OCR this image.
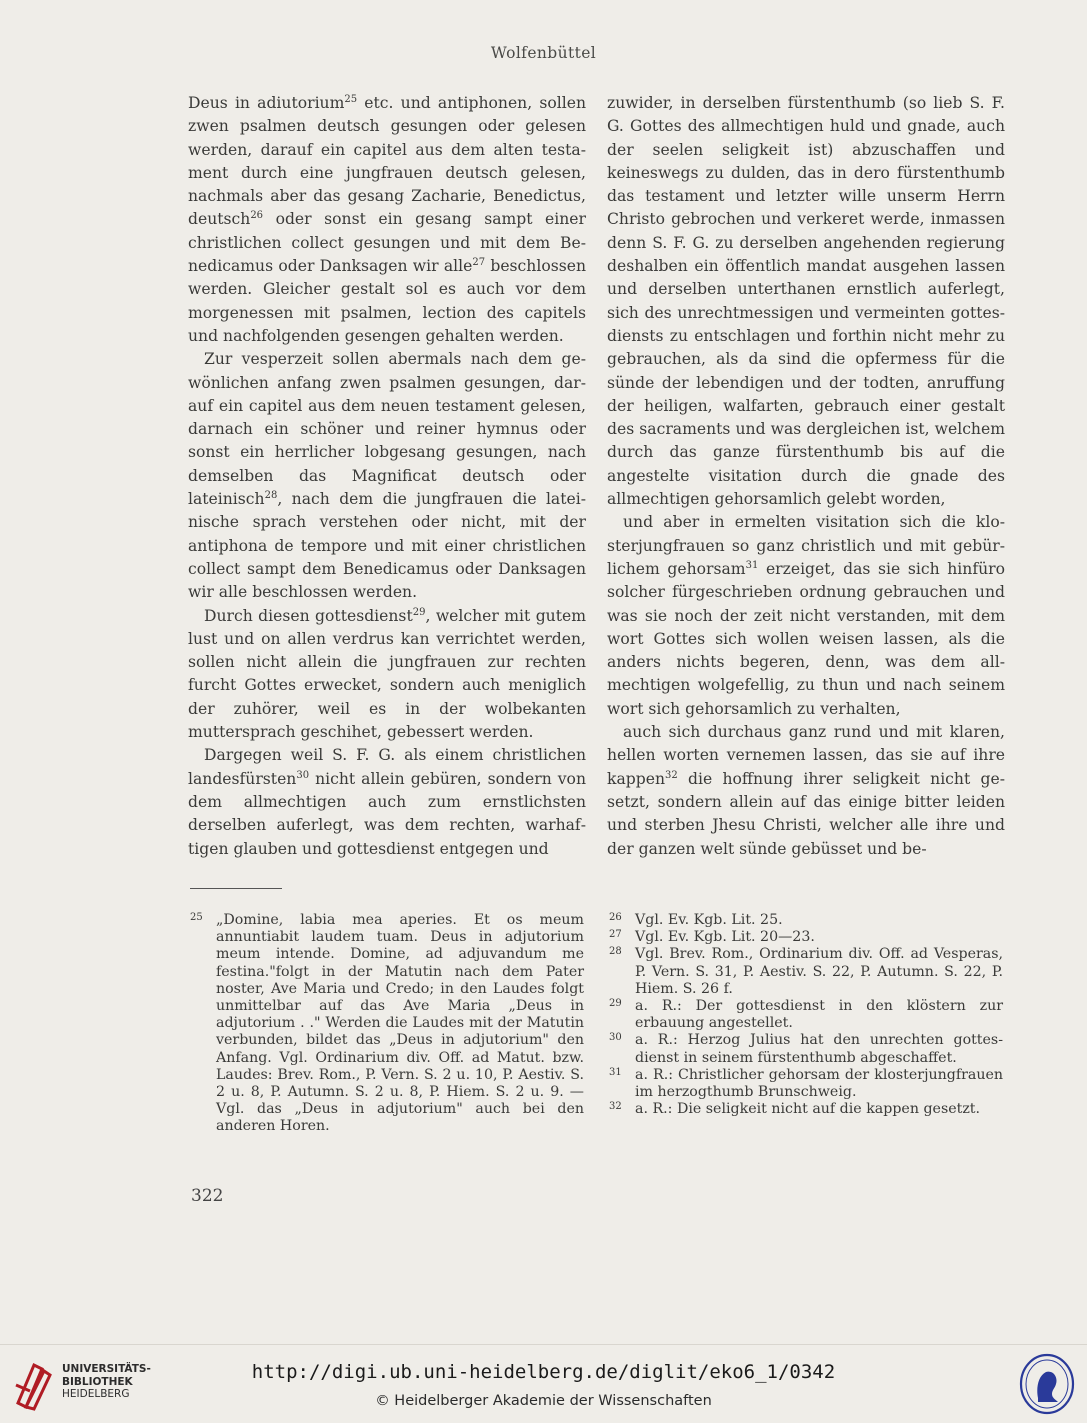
Wolfenbüttel

Deus in adiutorium$^{25}$ etc. und antiphonen, sollen zwen psalmen deutsch gesungen oder gelesen werden, darauf ein capitel aus dem alten testament durch eine jungfrauen deutsch gelesen, nachmals aber das gesang Zacharie, Benedictus, deutsch$^{26}$ oder sonst ein gesang sampt einer christlichen collect gesungen und mit dem Benedicamus oder Danksagen wir alle$^{27}$ beschlossen werden. Gleicher gestalt sol es auch vor dem morgenessen mit psalmen, lection des capitels und nachfolgenden gesengen gehalten werden.

Zur vesperzeit sollen abermals nach dem gewönlichen anfang zwen psalmen gesungen, darauf ein capitel aus dem neuen testament gelesen, darnach ein schöner und reiner hymnus oder sonst ein herrlicher lobgesang gesungen, nach demselben das Magnificat deutsch oder lateinisch$^{28}$, nach dem die jungfrauen die lateinische sprach verstehen oder nicht, mit der antiphona de tempore und mit einer christlichen collect sampt dem Benedicamus oder Danksagen wir alle beschlossen werden.

Durch diesen gottesdienst$^{29}$, welcher mit gutem lust und on allen verdrus kan verrichtet werden, sollen nicht allein die jungfrauen zur rechten furcht Gottes erwecket, sondern auch meniglich der zuhörer, weil es in der wolbekanten muttersprach geschihet, gebessert werden.

Dargegen weil S. F. G. als einem christlichen landesfürsten$^{30}$ nicht allein gebüren, sondern von dem allmechtigen auch zum ernstlichsten derselben auferlegt, was dem rechten, warhaftigen glauben und gottesdienst entgegen und

zuwider, in derselben fürstenthumb (so lieb S. F. G. Gottes des allmechtigen huld und gnade, auch der seelen seligkeit ist) abzuschaffen und keineswegs zu dulden, das in dero fürstenthumb das testament und letzter wille unserm Herrn Christo gebrochen und verkeret werde, inmassen denn S. F. G. zu derselben angehenden regierung deshalben ein öffentlich mandat ausgehen lassen und derselben unterthanen ernstlich auferlegt, sich des unrechtmessigen und vermeinten gottesdiensts zu entschlagen und forthin nicht mehr zu gebrauchen, als da sind die opfermess für die sünde der lebendigen und der todten, anruffung der heiligen, walfarten, gebrauch einer gestalt des sacraments und was dergleichen ist, welchem durch das ganze fürstenthumb bis auf die angestelte visitation durch die gnade des allmechtigen gehorsamlich gelebt worden,

und aber in ermelten visitation sich die klosterjungfrauen so ganz christlich und mit gebürlichem gehorsam$^{31}$ erzeiget, das sie sich hinfüro solcher fürgeschrieben ordnung gebrauchen und was sie noch der zeit nicht verstanden, mit dem wort Gottes sich wollen weisen lassen, als die anders nichts begeren, denn, was dem allmechtigen wolgefellig, zu thun und nach seinem wort sich gehorsamlich zu verhalten,

auch sich durchaus ganz rund und mit klaren, hellen worten vernemen lassen, das sie auf ihre kappen$^{32}$ die hoffnung ihrer seligkeit nicht gesetzt, sondern allein auf das einige bitter leiden und sterben Jhesu Christi, welcher alle ihre und der ganzen welt sünde gebüsset und be-

25 „Domine, labia mea aperies. Et os meum annuntiabit laudem tuam. Deus in adjutorium meum intende. Domine, ad adjuvandum me festina."folgt in der Matutin nach dem Pater noster, Ave Maria und Credo; in den Laudes folgt unmittelbar auf das Ave Maria „Deus in adjutorium . ." Werden die Laudes mit der Matutin verbunden, bildet das „Deus in adjutorium" den Anfang. Vgl. Ordinarium div. Off. ad Matut. bzw. Laudes: Brev. Rom., P. Vern. S. 2 u. 10, P. Aestiv. S. 2 u. 8, P. Autumn. S. 2 u. 8, P. Hiem. S. 2 u. 9. — Vgl. das „Deus in adjutorium" auch bei den anderen Horen.

26 Vgl. Ev. Kgb. Lit. 25.

27 Vgl. Ev. Kgb. Lit. 20—23.

28 Vgl. Brev. Rom., Ordinarium div. Off. ad Vesperas, P. Vern. S. 31, P. Aestiv. S. 22, P. Autumn. S. 22, P. Hiem. S. 26 f.

29 a. R.: Der gottesdienst in den klöstern zur erbauung angestellet.

30 a. R.: Herzog Julius hat den unrechten gottesdienst in seinem fürstenthumb abgeschaffet.

31 a. R.: Christlicher gehorsam der klosterjungfrauen im herzogthumb Brunschweig.

32 a. R.: Die seligkeit nicht auf die kappen gesetzt.

322
UNIVERSITÄTS-
BIBLIOTHEK
HEIDELBERG
http://digi.ub.uni-heidelberg.de/diglit/eko6_1/0342
© Heidelberger Akademie der Wissenschaften
